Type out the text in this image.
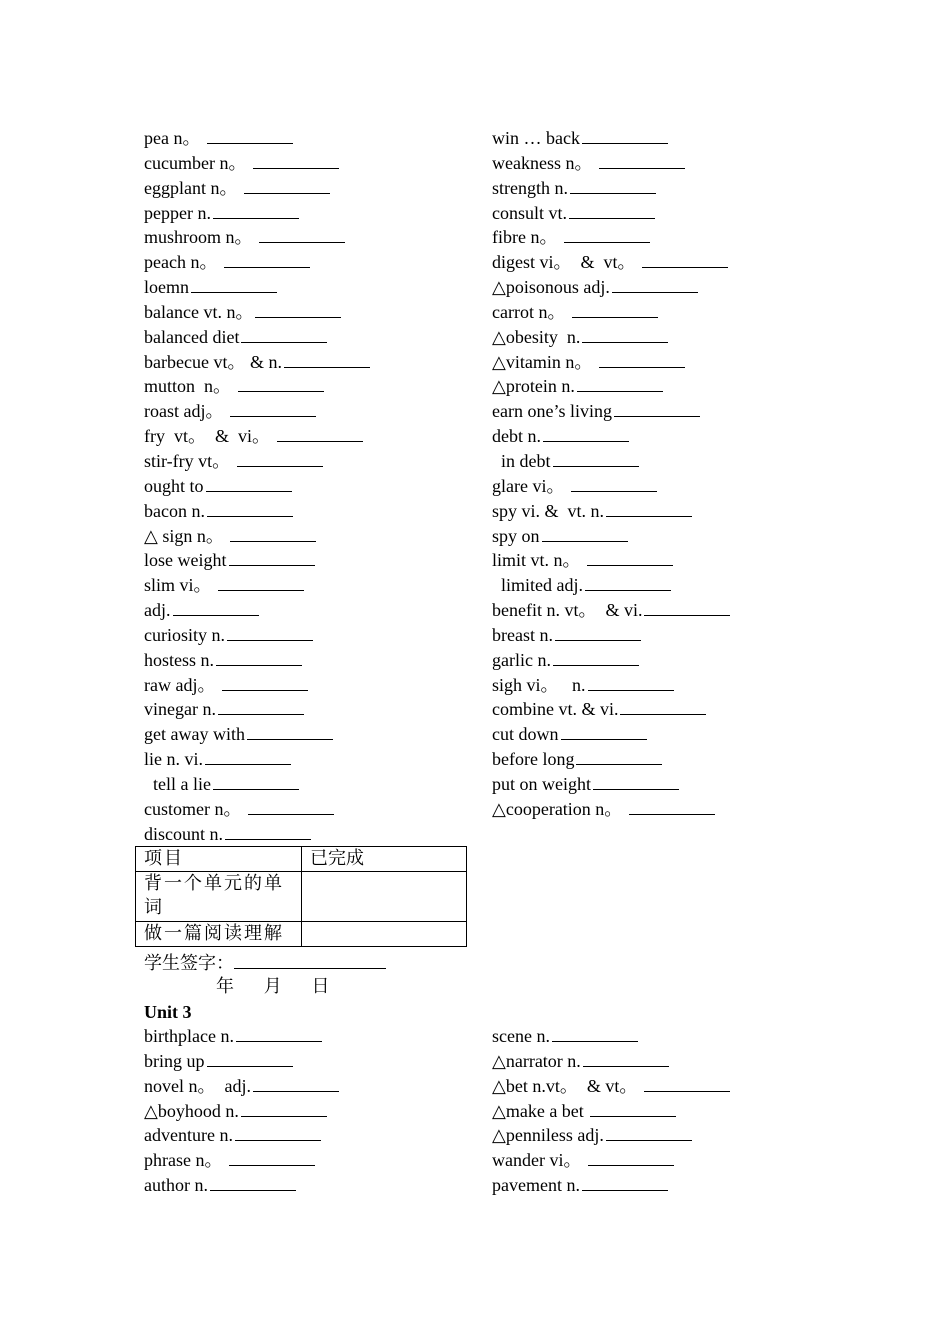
pea n。
cucumber n。
eggplant n。
pepper n.
mushroom n。
peach n。
loemn
balance vt. n。
balanced diet
barbecue vt。 & n.
mutton  n。
roast adj。
fry  vt。  &  vi。
stir-fry vt。
ought to
bacon n.
△ sign n。
lose weight
slim vi。
adj.
curiosity n.
hostess n.
raw adj。
vinegar n.
get away with
lie n. vi.
tell a lie
customer n。
discount n.
win … back
weakness n。
strength n.
consult vt.
fibre n。
digest vi。  &  vt。
△poisonous adj.
carrot n。
△obesity  n.
△vitamin n。
△protein n.
earn one’s living
debt n.
in debt
glare vi。
spy vi. &  vt. n.
spy on
limit vt. n。
limited adj.
benefit n. vt。  & vi.
breast n.
garlic n.
sigh vi。   n.
combine vt. & vi.
cut down
before long
put on weight
△cooperation n。
项目	已完成
背一个单元的单词	
做一篇阅读理解	
学生签字：
年 月 日
Unit 3
birthplace n.
bring up
novel n。  adj.
△boyhood n.
adventure n.
phrase n。
author n.
scene n.
△narrator n.
△bet n.vt。  & vt。
△make a bet
△penniless adj.
wander vi。
pavement n.
